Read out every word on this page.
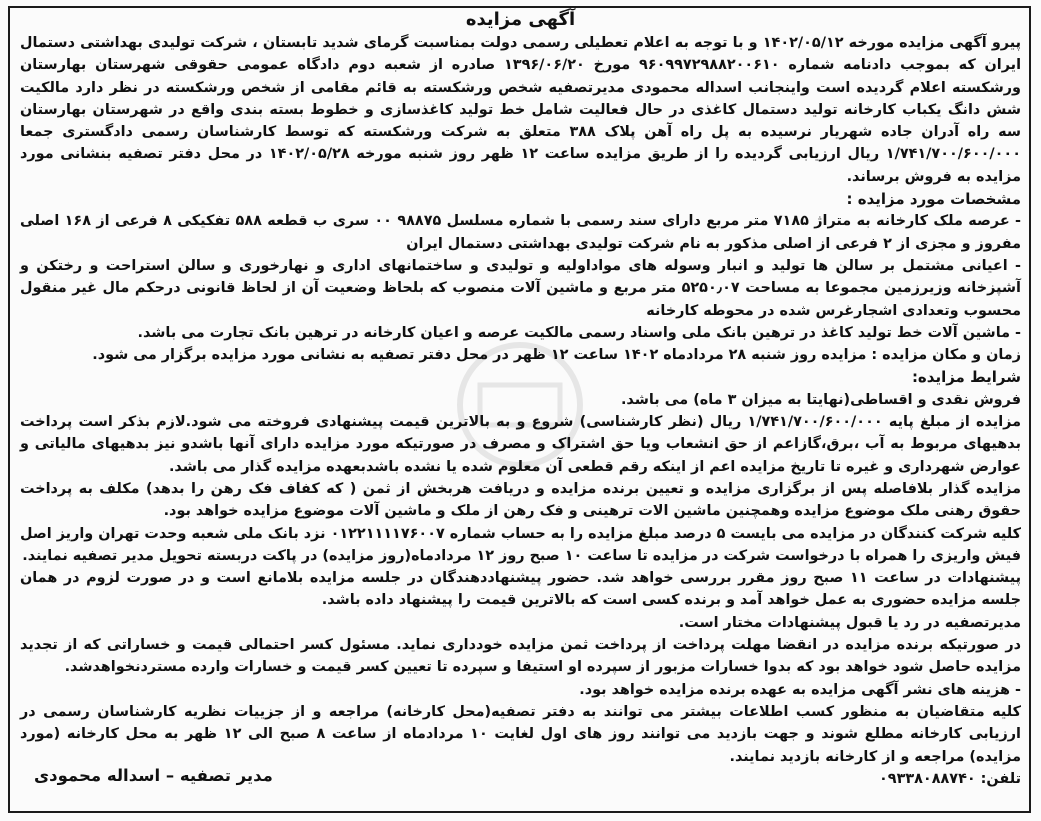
آگهی مزایده

پیرو آگهی مزایده مورخه ۱۴۰۲/۰۵/۱۲ و با توجه به اعلام تعطیلی رسمی دولت بمناسبت گرمای شدید تابستان ، شرکت تولیدی بهداشتی دستمال ایران که بموجب دادنامه شماره ۹۶۰۹۹۷۲۹۸۸۲۰۰۶۱۰ مورخ ۱۳۹۶/۰۶/۲۰ صادره از شعبه دوم دادگاه عمومی حقوقی شهرستان بهارستان ورشکسته اعلام گردیده است واینجانب اسداله محمودی مدیرتصفیه شخص ورشکسته به قائم مقامی از شخص ورشکسته در نظر دارد مالکیت شش دانگ یکباب کارخانه تولید دستمال کاغذی در حال فعالیت شامل خط تولید کاغذسازی و خطوط بسته بندی واقع در شهرستان بهارستان سه راه آدران جاده شهریار نرسیده به پل راه آهن پلاک ۳۸۸ متعلق به شرکت ورشکسته که توسط کارشناسان رسمی دادگستری جمعا ۱/۷۴۱/۷۰۰/۶۰۰/۰۰۰ ریال ارزیابی گردیده را از طریق مزایده ساعت ۱۲ ظهر روز شنبه مورخه ۱۴۰۲/۰۵/۲۸ در محل دفتر تصفیه بنشانی مورد مزایده به فروش برساند.

مشخصات مورد مزایده :

- عرصه ملک کارخانه به متراژ ۷۱۸۵ متر مربع دارای سند رسمی با شماره مسلسل ۹۸۸۷۵ ۰۰ سری ب قطعه ۵۸۸ تفکیکی ۸ فرعی از ۱۶۸ اصلی مفروز و مجزی از ۲ فرعی از اصلی مذکور به نام شرکت تولیدی بهداشتی دستمال ایران

- اعیانی مشتمل بر سالن ها تولید و انبار وسوله های مواداولیه و تولیدی و ساختمانهای اداری و نهارخوری و سالن استراحت و رختکن و آشپزخانه وزیرزمین مجموعا به مساحت ۵۲۵۰٫۰۷ متر مربع و ماشین آلات منصوب که بلحاظ وضعیت آن از لحاظ قانونی درحکم مال غیر منقول محسوب وتعدادی اشجارغرس شده در محوطه کارخانه

- ماشین آلات خط تولید کاغذ در ترهین بانک ملی واسناد رسمی مالکیت عرصه و اعیان کارخانه در ترهین بانک تجارت می باشد.

زمان و مکان مزایده : مزایده روز شنبه ۲۸ مردادماه ۱۴۰۲ ساعت ۱۲ ظهر در محل دفتر تصفیه به نشانی مورد مزایده برگزار می شود.

شرایط مزایده:

فروش نقدی و اقساطی(نهایتا به میزان ۳ ماه) می باشد.

مزایده از مبلغ پایه ۱/۷۴۱/۷۰۰/۶۰۰/۰۰۰ ریال (نظر کارشناسی) شروع و به بالاترین قیمت پیشنهادی فروخته می شود.لازم بذکر است پرداخت بدهیهای مربوط به آب ،برق،گازاعم از حق انشعاب ویا حق اشتراک و مصرف در صورتیکه مورد مزایده دارای آنها باشدو نیز بدهیهای مالیاتی و عوارض شهرداری و غیره تا تاریخ مزایده اعم از اینکه رقم قطعی آن معلوم شده یا نشده باشدبعهده مزایده گذار می باشد.

مزایده گذار بلافاصله پس از برگزاری مزایده و تعیین برنده مزایده و دریافت هربخش از ثمن ( که کفاف فک رهن را بدهد) مکلف به پرداخت حقوق رهنی ملک موضوع مزایده وهمچنین ماشین الات ترهینی و فک رهن از ملک و ماشین آلات موضوع مزایده خواهد بود.

کلیه شرکت کنندگان در مزایده می بایست ۵ درصد مبلغ مزایده را به حساب شماره ۰۱۲۲۱۱۱۱۷۶۰۰۷ نزد بانک ملی شعبه وحدت تهران واریز اصل فیش واریزی را همراه با درخواست شرکت در مزایده تا ساعت ۱۰ صبح روز ۱۲ مردادماه(روز مزایده) در پاکت دربسته تحویل مدیر تصفیه نمایند.

پیشنهادات در ساعت ۱۱ صبح روز مقرر بررسی خواهد شد. حضور پیشنهاددهندگان در جلسه مزایده بلامانع است و در صورت لزوم در همان جلسه مزایده حضوری به عمل خواهد آمد و برنده کسی است که بالاترین قیمت را پیشنهاد داده باشد.

مدیرتصفیه در رد یا قبول پیشنهادات مختار است.

در صورتیکه برنده مزایده در انقضا مهلت پرداخت از پرداخت ثمن مزایده خودداری نماید. مسئول کسر احتمالی قیمت و خساراتی که از تجدید مزایده حاصل شود خواهد بود که بدوا خسارات مزبور از سپرده او استیفا و سپرده تا تعیین کسر قیمت و خسارات وارده مستردنخواهدشد.

- هزینه های نشر آگهی مزایده به عهده برنده مزایده خواهد بود.

کلیه متقاضیان به منظور کسب اطلاعات بیشتر می توانند به دفتر تصفیه(محل کارخانه) مراجعه و از جزییات نظریه کارشناسان رسمی در ارزیابی کارخانه مطلع شوند و جهت بازدید می توانند روز های اول لغایت ۱۰ مردادماه از ساعت ۸ صبح الی ۱۲ ظهر به محل کارخانه (مورد مزایده) مراجعه و از کارخانه بازدید نمایند.

تلفن: ۰۹۳۳۸۰۸۸۷۴۰

مدیر تصفیه – اسداله محمودی
